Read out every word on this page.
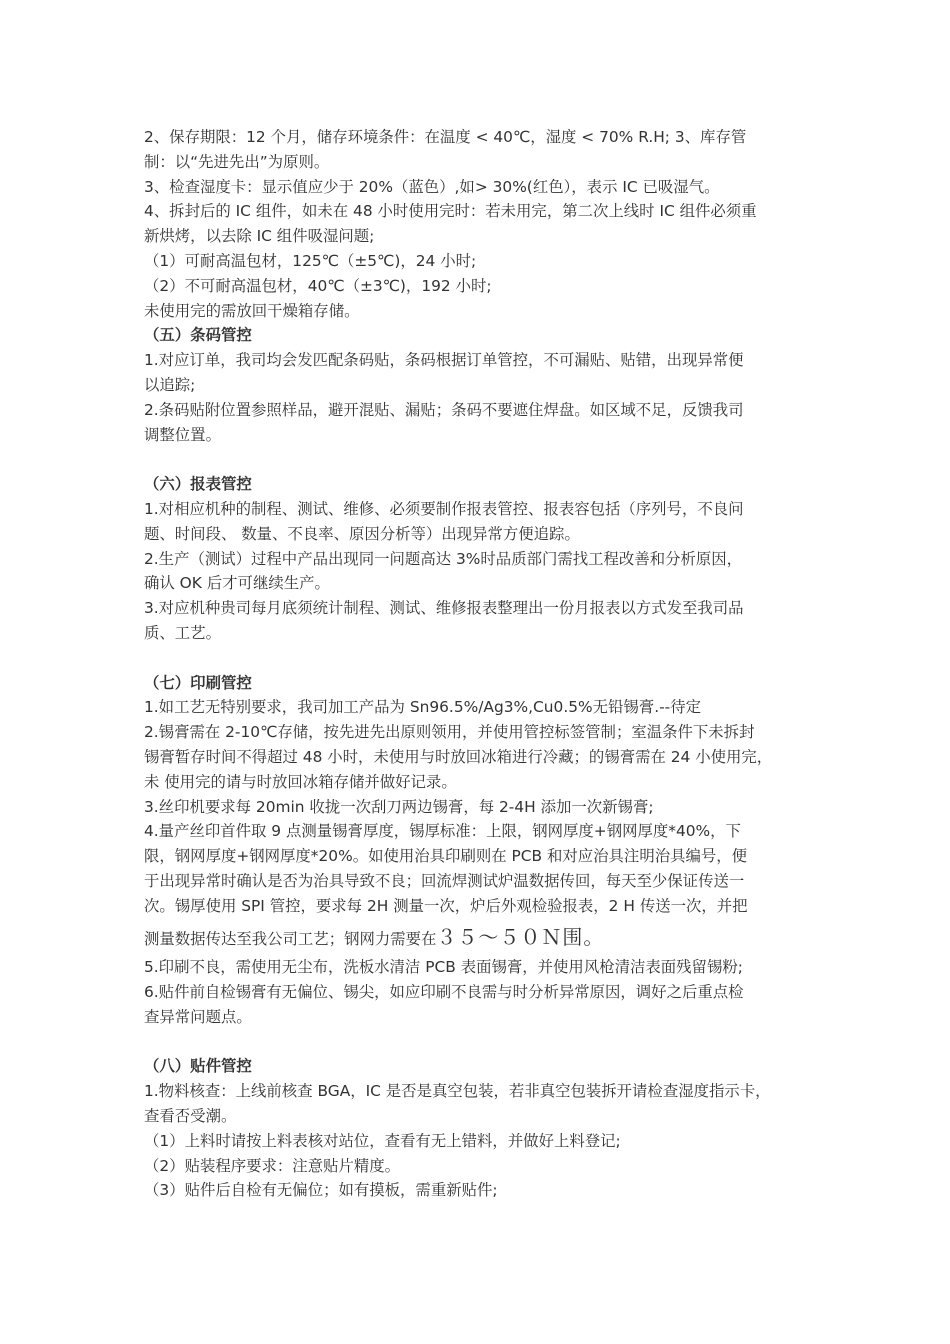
2、保存期限：12 个月，储存环境条件：在温度 < 40℃，湿度 < 70% R.H; 3、库存管

制：以“先进先出”为原则。

3、检查湿度卡：显示值应少于 20%（蓝色）,如> 30%(红色），表示 IC 已吸湿气。

4、拆封后的 IC 组件，如未在 48 小时使用完时：若未用完，第二次上线时 IC 组件必须重

新烘烤，以去除 IC 组件吸湿问题;

（1）可耐高温包材，125℃（±5℃)，24 小时;

（2）不可耐高温包材，40℃（±3℃)，192 小时;

未使用完的需放回干燥箱存储。

（五）条码管控

1.对应订单，我司均会发匹配条码贴，条码根据订单管控，不可漏贴、贴错，出现异常便

以追踪;

2.条码贴附位置参照样品，避开混贴、漏贴；条码不要遮住焊盘。如区域不足，反馈我司

调整位置。

（六）报表管控

1.对相应机种的制程、测试、维修、必须要制作报表管控、报表容包括（序列号，不良问

题、时间段、 数量、不良率、原因分析等）出现异常方便追踪。

2.生产（测试）过程中产品出现同一问题高达 3%时品质部门需找工程改善和分析原因，

确认 OK 后才可继续生产。

3.对应机种贵司每月底须统计制程、测试、维修报表整理出一份月报表以方式发至我司品

质、工艺。

（七）印刷管控

1.如工艺无特别要求，我司加工产品为 Sn96.5%/Ag3%,Cu0.5%无铅锡膏.--待定

2.锡膏需在 2-10℃存储，按先进先出原则领用，并使用管控标签管制；室温条件下未拆封

锡膏暂存时间不得超过 48 小时，未使用与时放回冰箱进行冷藏；的锡膏需在 24 小使用完，

未 使用完的请与时放回冰箱存储并做好记录。

3.丝印机要求每 20min 收拢一次刮刀两边锡膏，每 2-4H 添加一次新锡膏;

4.量产丝印首件取 9 点测量锡膏厚度，锡厚标准：上限，钢网厚度+钢网厚度*40%，下

限，钢网厚度+钢网厚度*20%。如使用治具印刷则在 PCB 和对应治具注明治具编号，便

于出现异常时确认是否为治具导致不良；回流焊测试炉温数据传回，每天至少保证传送一

次。锡厚使用 SPI 管控，要求每 2H 测量一次，炉后外观检验报表，2 H 传送一次，并把

测量数据传达至我公司工艺；钢网力需要在３５～５０Ｎ围。

5.印刷不良，需使用无尘布，洗板水清洁 PCB 表面锡膏，并使用风枪清洁表面残留锡粉;

6.贴件前自检锡膏有无偏位、锡尖，如应印刷不良需与时分析异常原因，调好之后重点检

查异常问题点。

（八）贴件管控

1.物料核查：上线前核查 BGA，IC 是否是真空包装，若非真空包装拆开请检查湿度指示卡，

查看否受潮。

（1）上料时请按上料表核对站位，查看有无上错料，并做好上料登记;

（2）贴装程序要求：注意贴片精度。

（3）贴件后自检有无偏位；如有摸板，需重新贴件;
